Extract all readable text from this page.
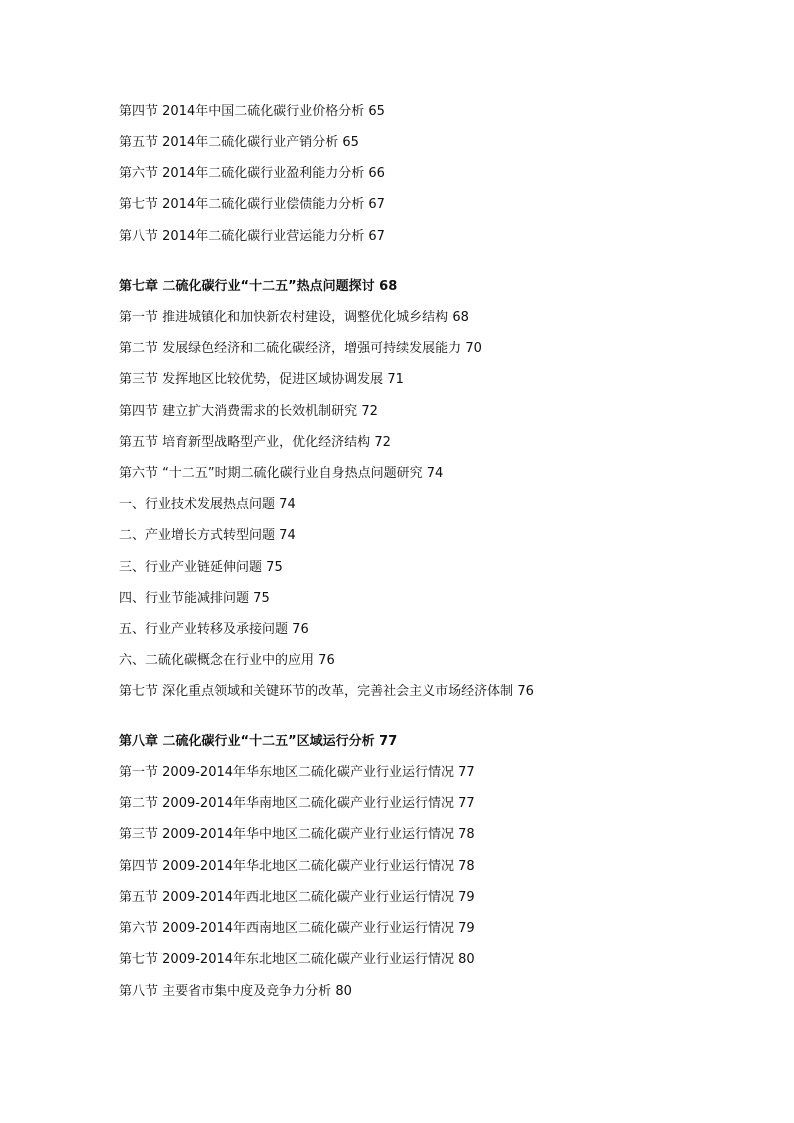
第四节 2014年中国二硫化碳行业价格分析 65
第五节 2014年二硫化碳行业产销分析 65
第六节 2014年二硫化碳行业盈利能力分析 66
第七节 2014年二硫化碳行业偿债能力分析 67
第八节 2014年二硫化碳行业营运能力分析 67
第七章 二硫化碳行业“十二五”热点问题探讨 68
第一节 推进城镇化和加快新农村建设，调整优化城乡结构 68
第二节 发展绿色经济和二硫化碳经济，增强可持续发展能力 70
第三节 发挥地区比较优势，促进区域协调发展 71
第四节 建立扩大消费需求的长效机制研究 72
第五节 培育新型战略型产业，优化经济结构 72
第六节 “十二五”时期二硫化碳行业自身热点问题研究 74
一、行业技术发展热点问题 74
二、产业增长方式转型问题 74
三、行业产业链延伸问题 75
四、行业节能减排问题 75
五、行业产业转移及承接问题 76
六、二硫化碳概念在行业中的应用 76
第七节 深化重点领域和关键环节的改革，完善社会主义市场经济体制 76
第八章 二硫化碳行业“十二五”区域运行分析 77
第一节 2009-2014年华东地区二硫化碳产业行业运行情况 77
第二节 2009-2014年华南地区二硫化碳产业行业运行情况 77
第三节 2009-2014年华中地区二硫化碳产业行业运行情况 78
第四节 2009-2014年华北地区二硫化碳产业行业运行情况 78
第五节 2009-2014年西北地区二硫化碳产业行业运行情况 79
第六节 2009-2014年西南地区二硫化碳产业行业运行情况 79
第七节 2009-2014年东北地区二硫化碳产业行业运行情况 80
第八节 主要省市集中度及竞争力分析 80
